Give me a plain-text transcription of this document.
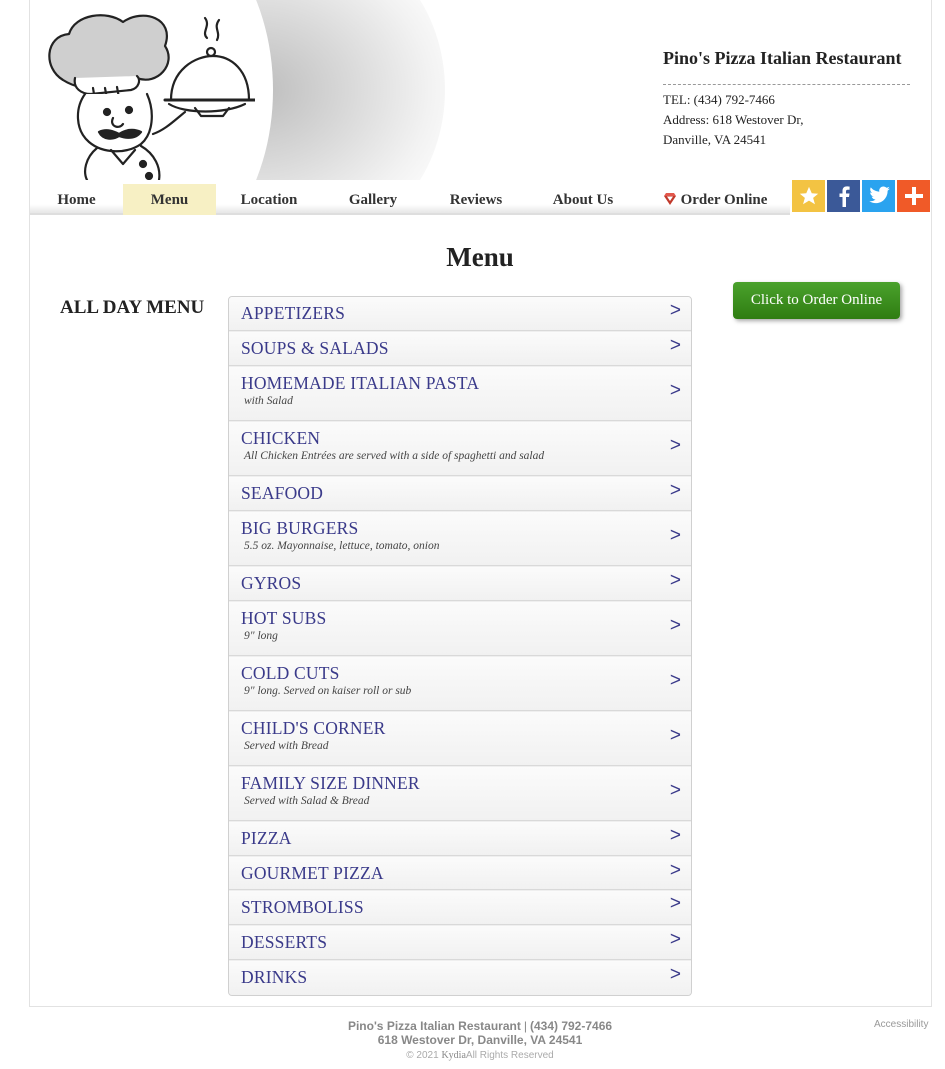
Pino's Pizza Italian Restaurant
TEL: (434) 792-7466
Address: 618 Westover Dr,
Danville, VA 24541
Home	Menu	Location	Gallery	Reviews	About Us	Order Online
Menu
ALL DAY MENU	Click to Order Online
APPETIZERS	>
SOUPS & SALADS	>
HOMEMADE ITALIAN PASTA
with Salad	>
CHICKEN
All Chicken Entrées are served with a side of spaghetti and salad	>
SEAFOOD	>
BIG BURGERS
5.5 oz. Mayonnaise, lettuce, tomato, onion	>
GYROS	>
HOT SUBS
9" long	>
COLD CUTS
9" long. Served on kaiser roll or sub	>
CHILD'S CORNER
Served with Bread	>
FAMILY SIZE DINNER
Served with Salad & Bread	>
PIZZA	>
GOURMET PIZZA	>
STROMBOLISS	>
DESSERTS	>
DRINKS	>
Pino's Pizza Italian Restaurant | (434) 792-7466
618 Westover Dr, Danville, VA 24541
© 2021 KydiaAll Rights Reserved
Accessibility
